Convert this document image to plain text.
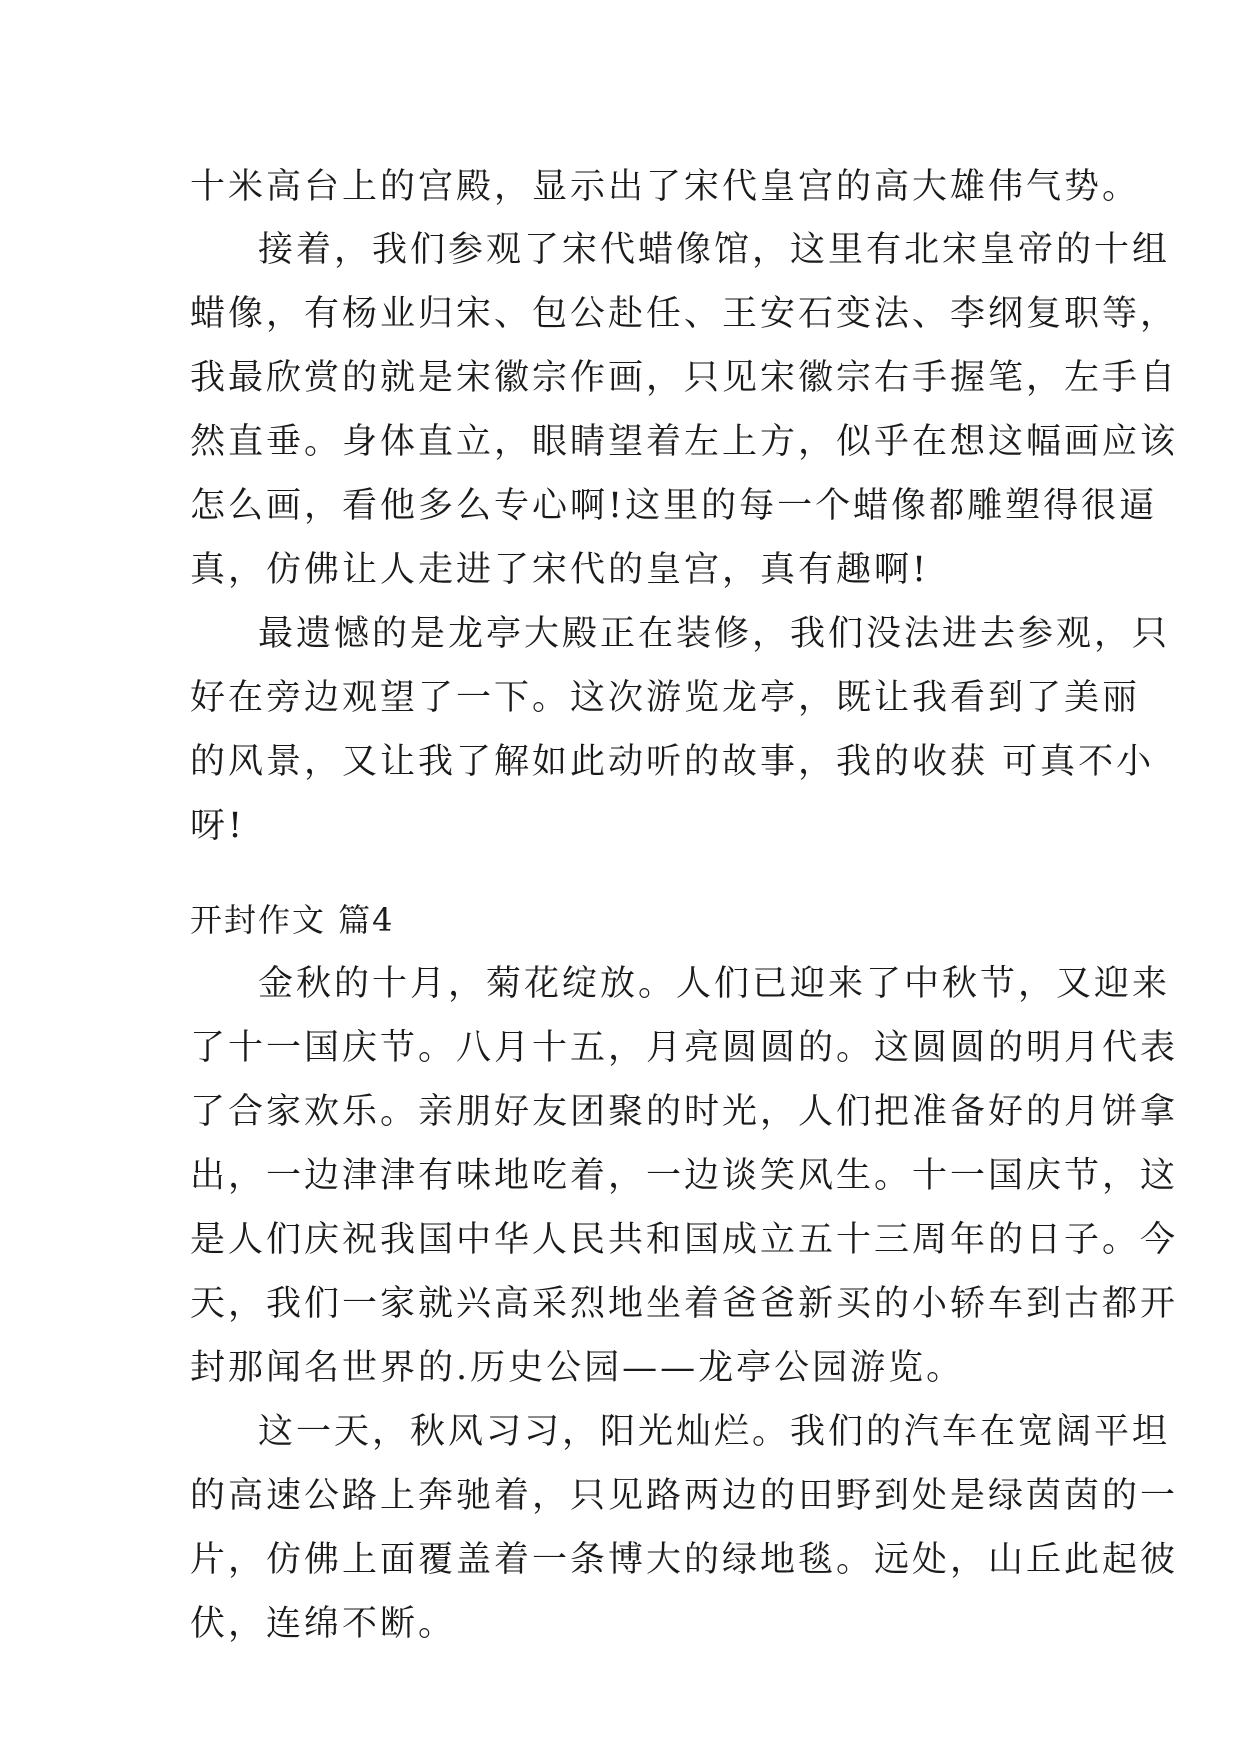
十米高台上的宫殿，显示出了宋代皇宫的高大雄伟气势。
接着，我们参观了宋代蜡像馆，这里有北宋皇帝的十组
蜡像，有杨业归宋、包公赴任、王安石变法、李纲复职等，
我最欣赏的就是宋徽宗作画，只见宋徽宗右手握笔，左手自
然直垂。身体直立，眼睛望着左上方，似乎在想这幅画应该
怎么画，看他多么专心啊!这里的每一个蜡像都雕塑得很逼
真，仿佛让人走进了宋代的皇宫，真有趣啊!
最遗憾的是龙亭大殿正在装修，我们没法进去参观，只
好在旁边观望了一下。这次游览龙亭，既让我看到了美丽
的风景，又让我了解如此动听的故事，我的收获 可真不小
呀!
开封作文 篇4
金秋的十月，菊花绽放。人们已迎来了中秋节，又迎来
了十一国庆节。八月十五，月亮圆圆的。这圆圆的明月代表
了合家欢乐。亲朋好友团聚的时光，人们把准备好的月饼拿
出，一边津津有味地吃着，一边谈笑风生。十一国庆节，这
是人们庆祝我国中华人民共和国成立五十三周年的日子。今
天，我们一家就兴高采烈地坐着爸爸新买的小轿车到古都开
封那闻名世界的.历史公园——龙亭公园游览。
这一天，秋风习习，阳光灿烂。我们的汽车在宽阔平坦
的高速公路上奔驰着，只见路两边的田野到处是绿茵茵的一
片，仿佛上面覆盖着一条博大的绿地毯。远处，山丘此起彼
伏，连绵不断。
